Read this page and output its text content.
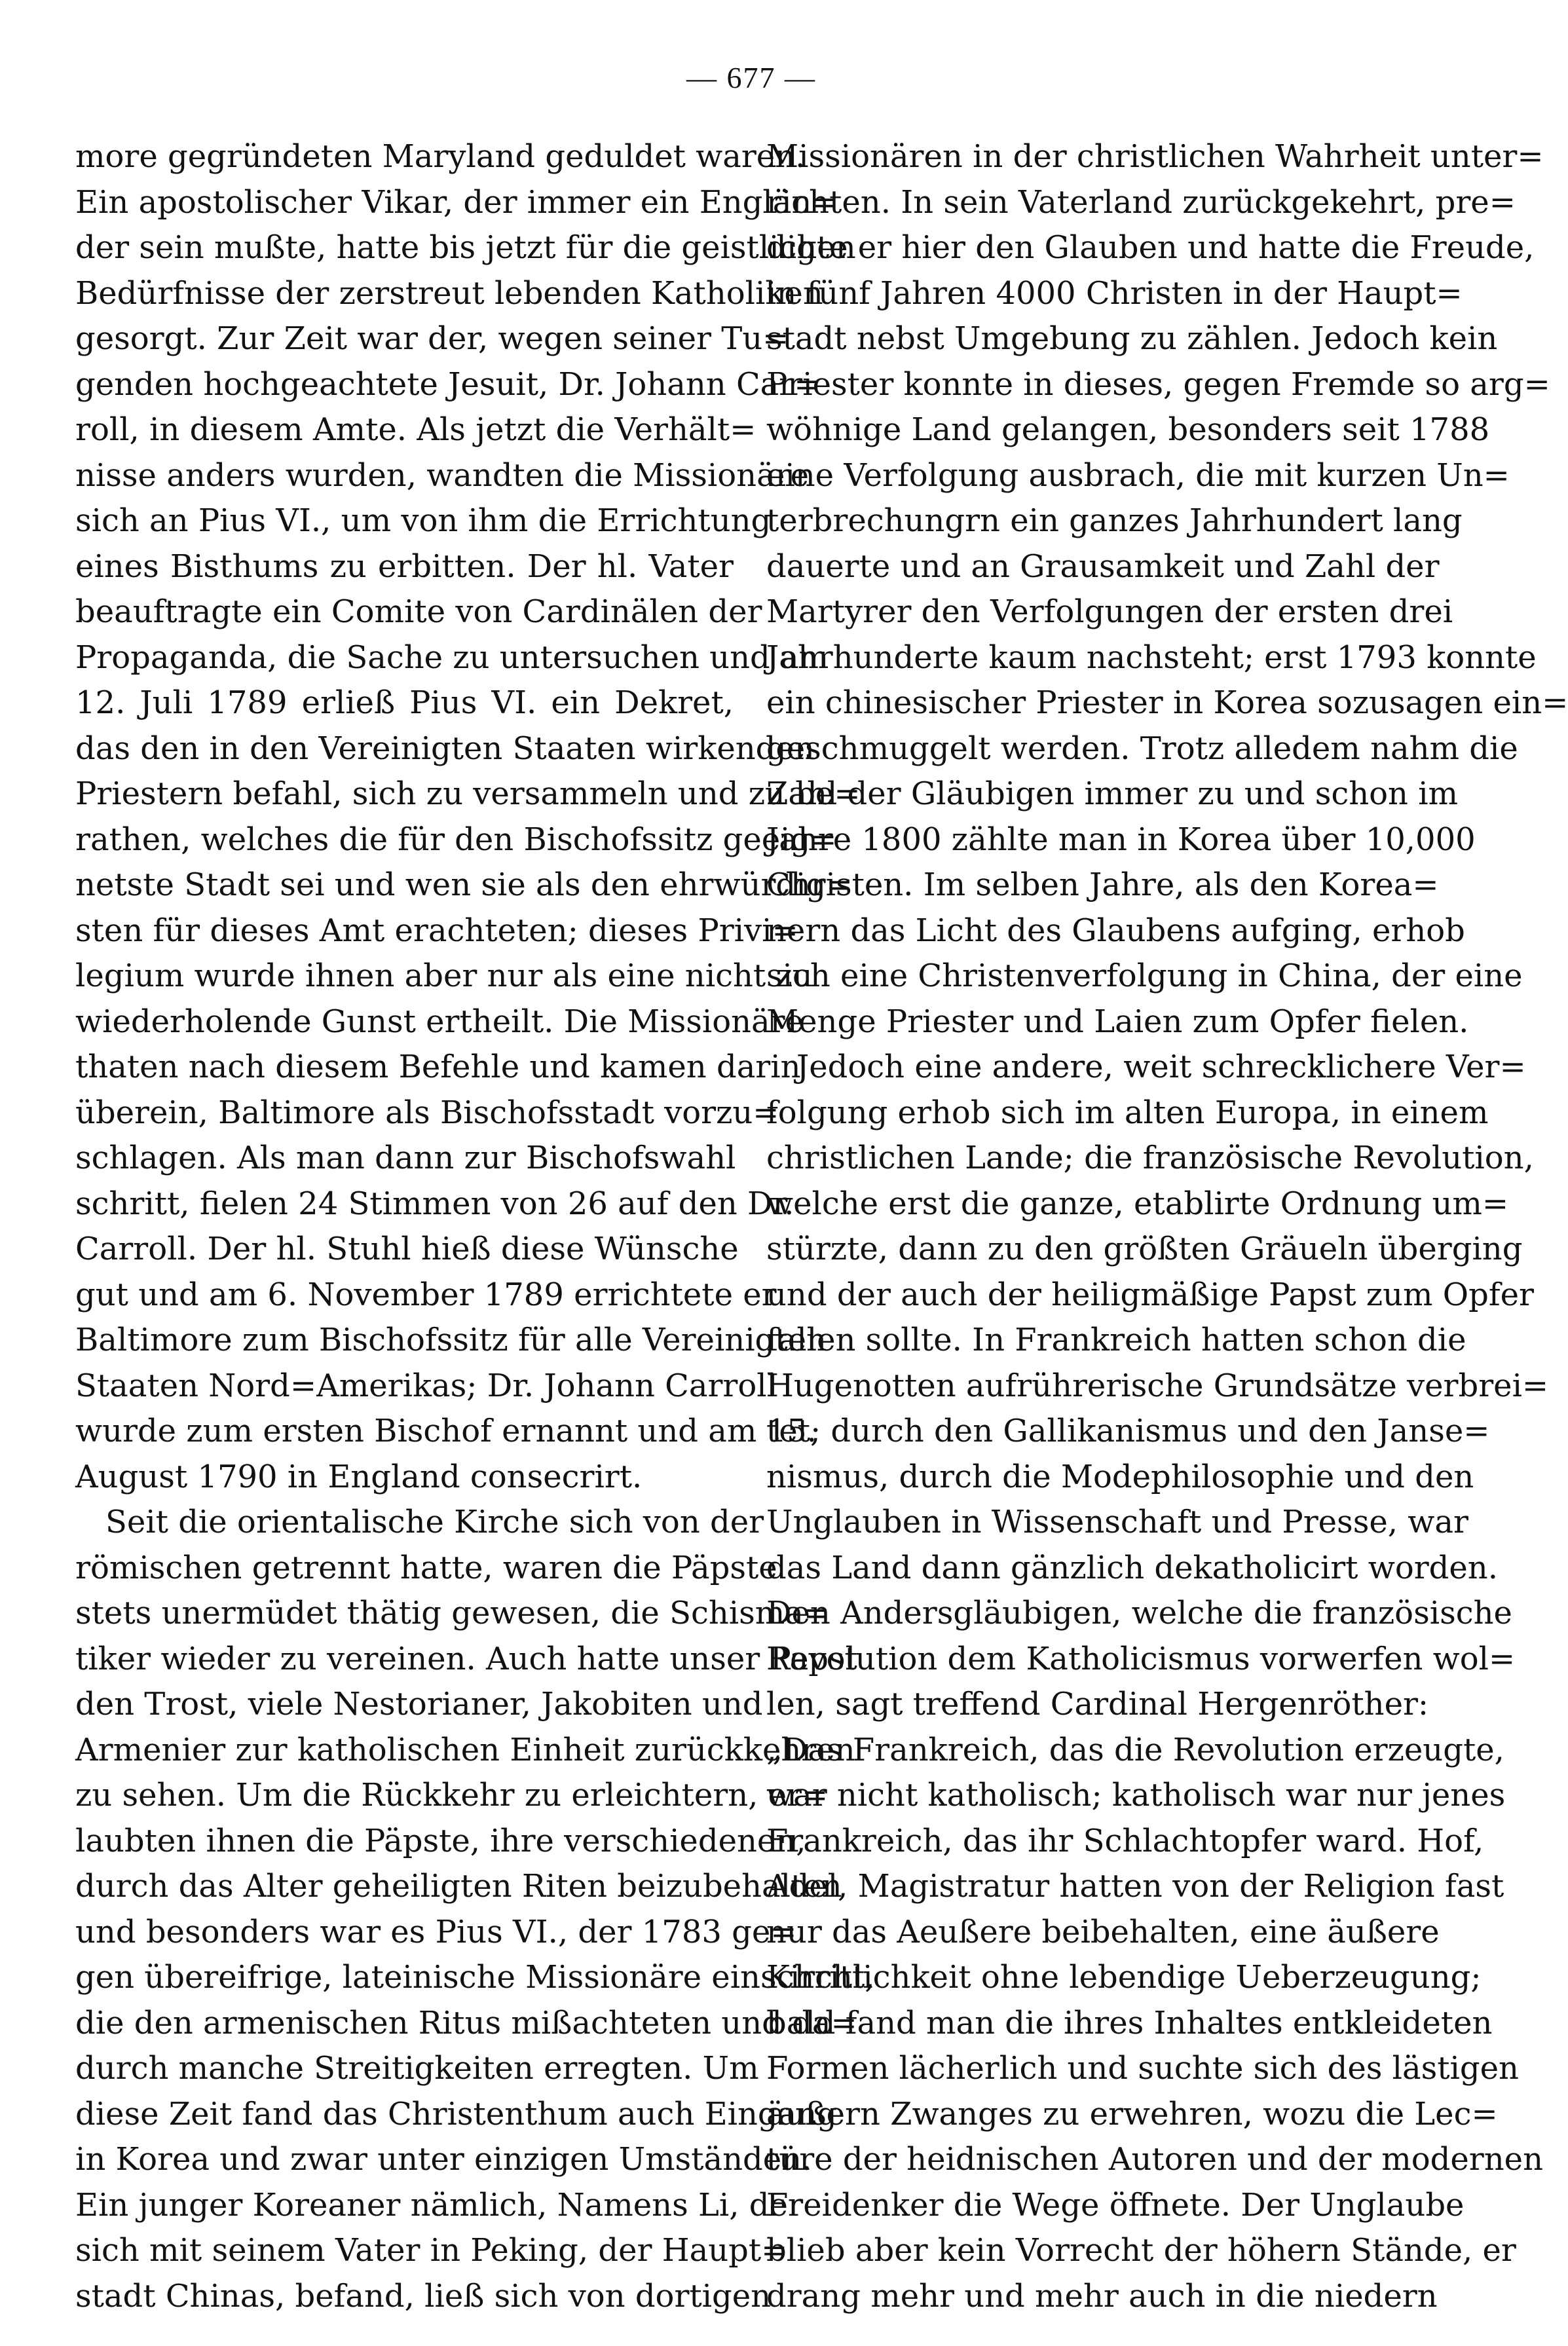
— 677 —
more gegründeten Maryland geduldet waren.
Ein apostolischer Vikar, der immer ein Englän=
der sein mußte, hatte bis jetzt für die geistlichen
Bedürfnisse der zerstreut lebenden Katholiken
gesorgt. Zur Zeit war der, wegen seiner Tu=
genden hochgeachtete Jesuit, Dr. Johann Car=
roll, in diesem Amte. Als jetzt die Verhält=
nisse anders wurden, wandten die Missionäre
sich an Pius VI., um von ihm die Errichtung
eines Bisthums zu erbitten. Der hl. Vater
beauftragte ein Comite von Cardinälen der
Propaganda, die Sache zu untersuchen und am
12. Juli 1789 erließ Pius VI. ein Dekret,
das den in den Vereinigten Staaten wirkenden
Priestern befahl, sich zu versammeln und zu be=
rathen, welches die für den Bischofssitz geeig=
netste Stadt sei und wen sie als den ehrwürdig=
sten für dieses Amt erachteten; dieses Privi=
legium wurde ihnen aber nur als eine nicht zu
wiederholende Gunst ertheilt. Die Missionäre
thaten nach diesem Befehle und kamen darin
überein, Baltimore als Bischofsstadt vorzu=
schlagen. Als man dann zur Bischofswahl
schritt, fielen 24 Stimmen von 26 auf den Dr.
Carroll. Der hl. Stuhl hieß diese Wünsche
gut und am 6. November 1789 errichtete er
Baltimore zum Bischofssitz für alle Vereinigten
Staaten Nord=Amerikas; Dr. Johann Carroll
wurde zum ersten Bischof ernannt und am 15.
August 1790 in England consecrirt.
Seit die orientalische Kirche sich von der
römischen getrennt hatte, waren die Päpste
stets unermüdet thätig gewesen, die Schisma=
tiker wieder zu vereinen. Auch hatte unser Papst
den Trost, viele Nestorianer, Jakobiten und
Armenier zur katholischen Einheit zurückkehren
zu sehen. Um die Rückkehr zu erleichtern, er=
laubten ihnen die Päpste, ihre verschiedenen,
durch das Alter geheiligten Riten beizubehalten
und besonders war es Pius VI., der 1783 ge=
gen übereifrige, lateinische Missionäre einschritt,
die den armenischen Ritus mißachteten und da=
durch manche Streitigkeiten erregten. Um
diese Zeit fand das Christenthum auch Eingang
in Korea und zwar unter einzigen Umständen.
Ein junger Koreaner nämlich, Namens Li, der
sich mit seinem Vater in Peking, der Haupt=
stadt Chinas, befand, ließ sich von dortigen
Missionären in der christlichen Wahrheit unter=
richten. In sein Vaterland zurückgekehrt, pre=
digte er hier den Glauben und hatte die Freude,
in fünf Jahren 4000 Christen in der Haupt=
stadt nebst Umgebung zu zählen. Jedoch kein
Priester konnte in dieses, gegen Fremde so arg=
wöhnige Land gelangen, besonders seit 1788
eine Verfolgung ausbrach, die mit kurzen Un=
terbrechungrn ein ganzes Jahrhundert lang
dauerte und an Grausamkeit und Zahl der
Martyrer den Verfolgungen der ersten drei
Jahrhunderte kaum nachsteht; erst 1793 konnte
ein chinesischer Priester in Korea sozusagen ein=
geschmuggelt werden. Trotz alledem nahm die
Zahl der Gläubigen immer zu und schon im
Jahre 1800 zählte man in Korea über 10,000
Christen. Im selben Jahre, als den Korea=
nern das Licht des Glaubens aufging, erhob
sich eine Christenverfolgung in China, der eine
Menge Priester und Laien zum Opfer fielen.
Jedoch eine andere, weit schrecklichere Ver=
folgung erhob sich im alten Europa, in einem
christlichen Lande; die französische Revolution,
welche erst die ganze, etablirte Ordnung um=
stürzte, dann zu den größten Gräueln überging
und der auch der heiligmäßige Papst zum Opfer
fallen sollte. In Frankreich hatten schon die
Hugenotten aufrührerische Grundsätze verbrei=
tet; durch den Gallikanismus und den Janse=
nismus, durch die Modephilosophie und den
Unglauben in Wissenschaft und Presse, war
das Land dann gänzlich dekatholicirt worden.
Den Andersgläubigen, welche die französische
Revolution dem Katholicismus vorwerfen wol=
len, sagt treffend Cardinal Hergenröther:
„Das Frankreich, das die Revolution erzeugte,
war nicht katholisch; katholisch war nur jenes
Frankreich, das ihr Schlachtopfer ward. Hof,
Adel, Magistratur hatten von der Religion fast
nur das Aeußere beibehalten, eine äußere
Kirchlichkeit ohne lebendige Ueberzeugung;
bald fand man die ihres Inhaltes entkleideten
Formen lächerlich und suchte sich des lästigen
äußern Zwanges zu erwehren, wozu die Lec=
türe der heidnischen Autoren und der modernen
Freidenker die Wege öffnete. Der Unglaube
blieb aber kein Vorrecht der höhern Stände, er
drang mehr und mehr auch in die niedern
